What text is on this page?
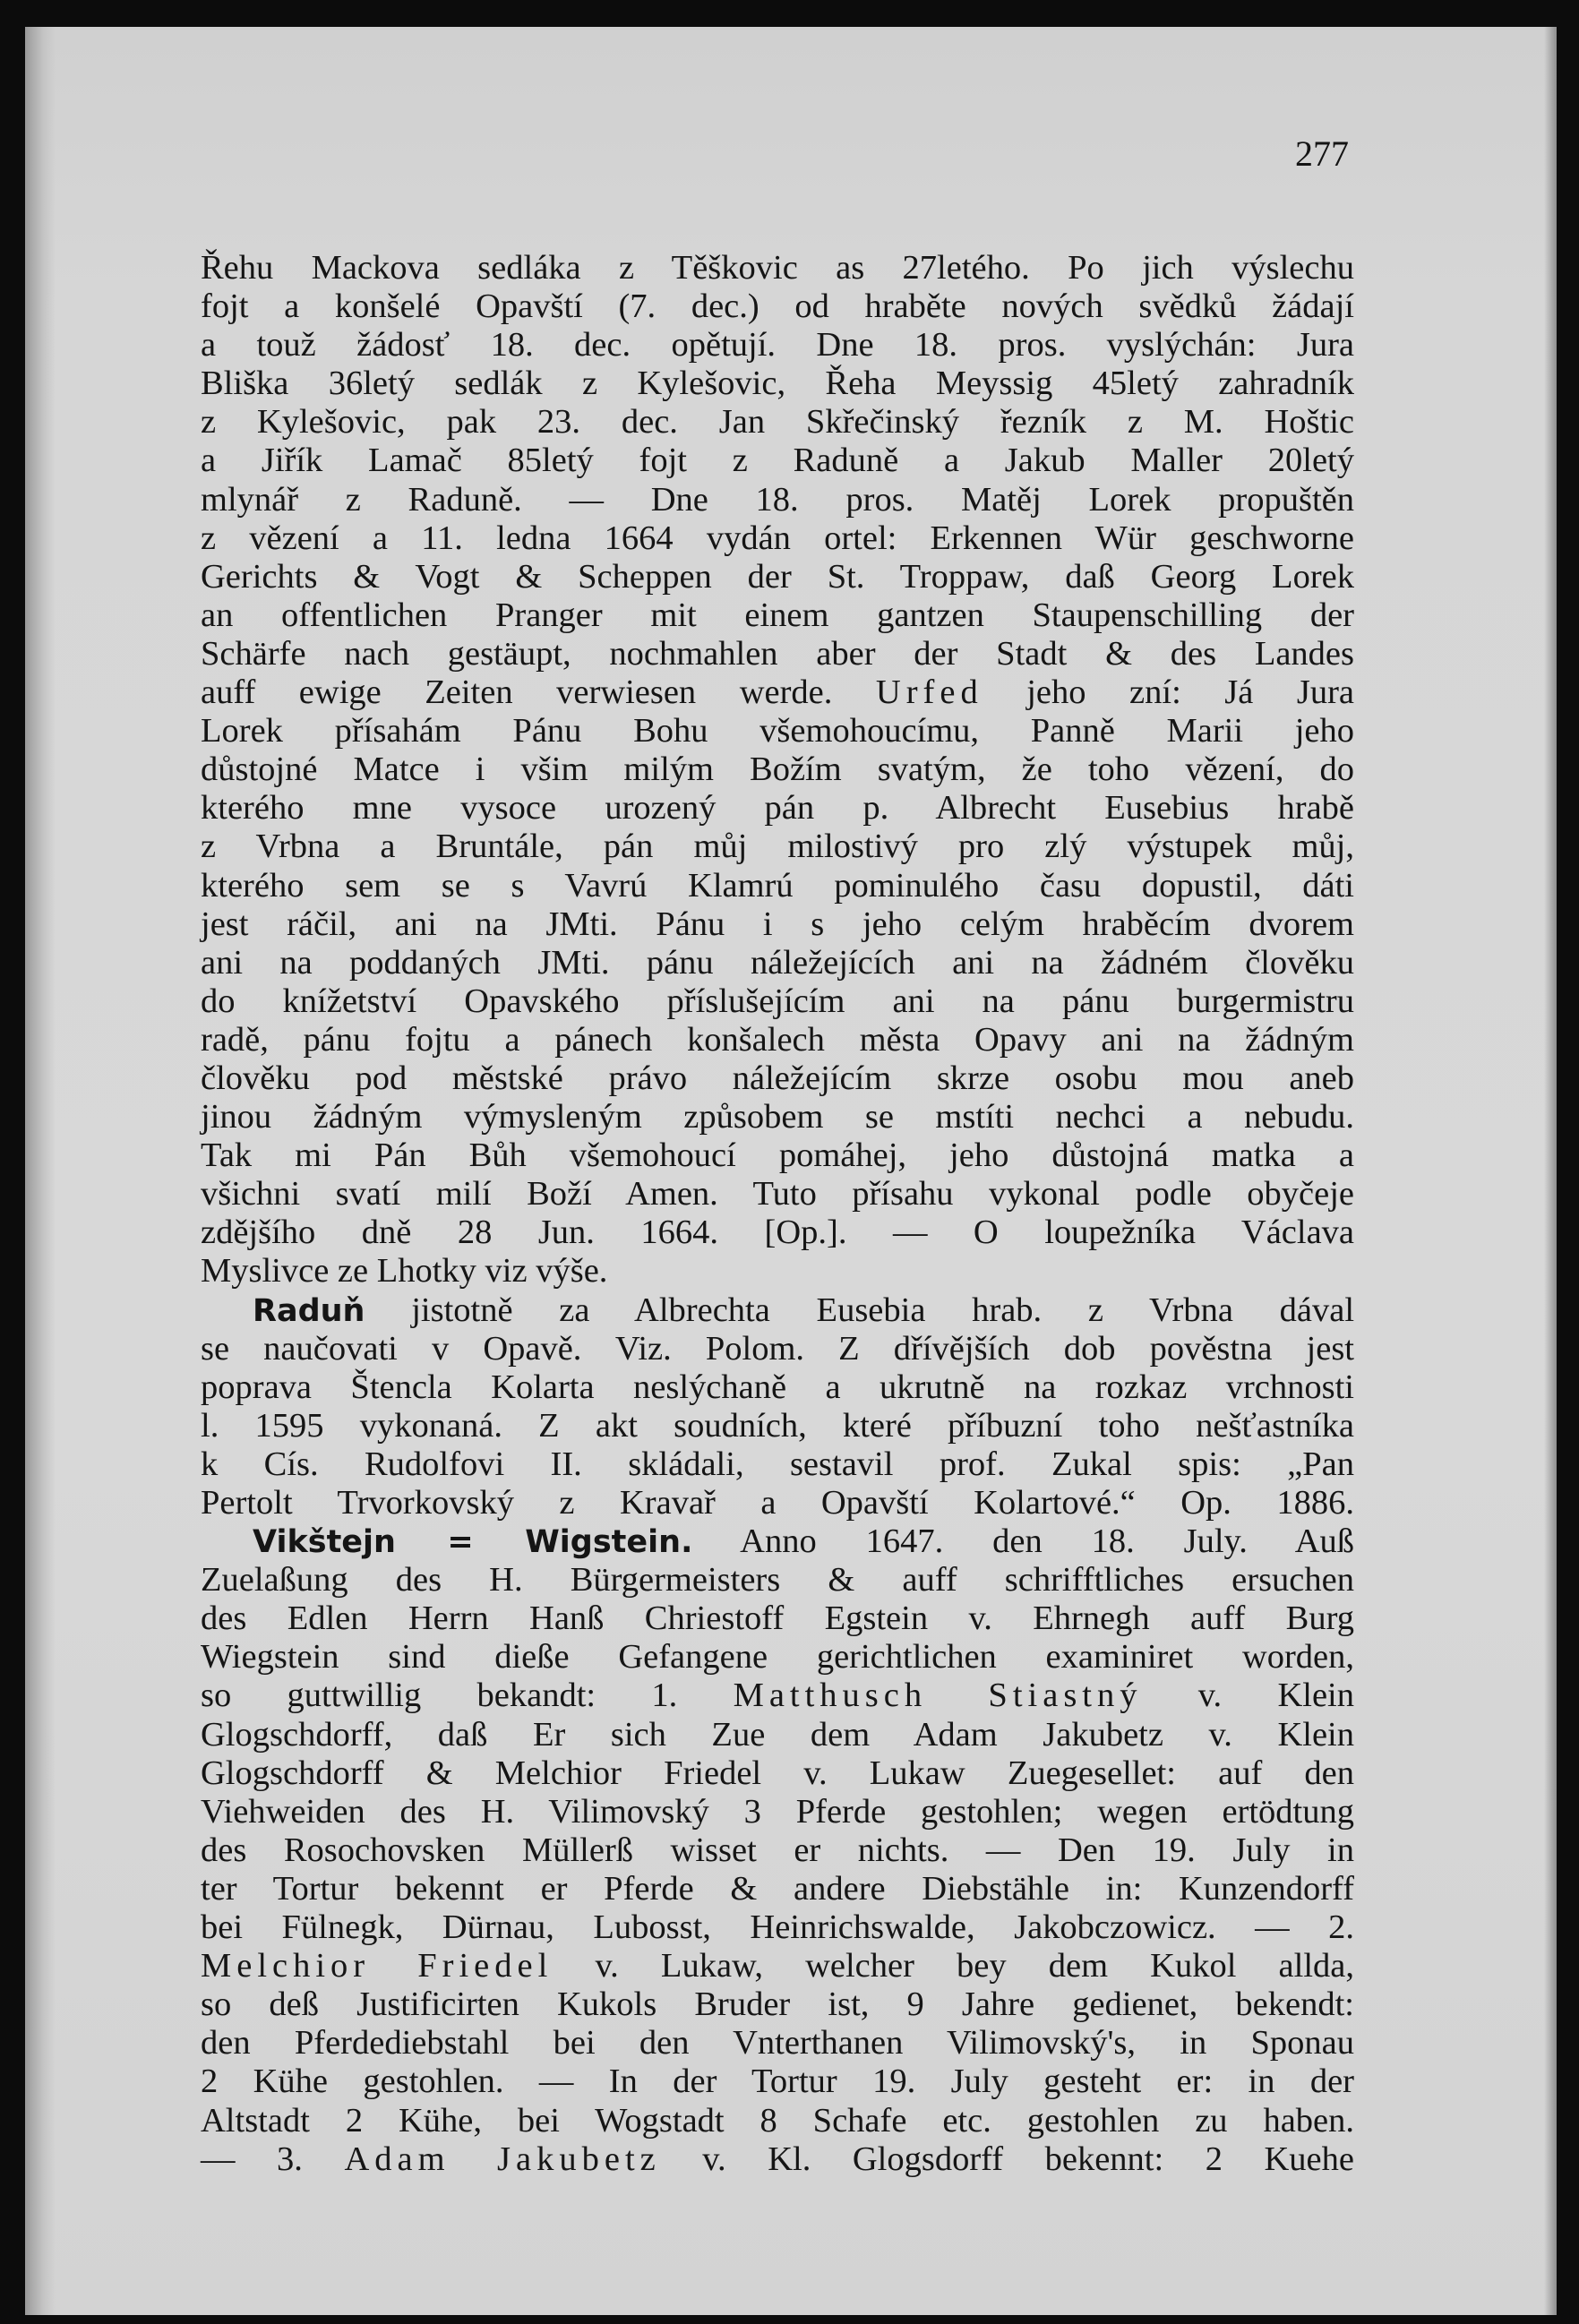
277
Řehu Mackova sedláka z Těškovic as 27letého. Po jich výslechu
fojt a konšelé Opavští (7. dec.) od hraběte nových svědků žádají
a touž žádosť 18. dec. opětují. Dne 18. pros. vyslýchán: Jura
Bliška 36letý sedlák z Kylešovic, Řeha Meyssig 45letý zahradník
z Kylešovic, pak 23. dec. Jan Skřečinský řezník z M. Hoštic
a Jiřík Lamač 85letý fojt z Raduně a Jakub Maller 20letý
mlynář z Raduně. — Dne 18. pros. Matěj Lorek propuštěn
z vězení a 11. ledna 1664 vydán ortel: Erkennen Wür geschworne
Gerichts & Vogt & Scheppen der St. Troppaw, daß Georg Lorek
an offentlichen Pranger mit einem gantzen Staupenschilling der
Schärfe nach gestäupt, nochmahlen aber der Stadt & des Landes
auff ewige Zeiten verwiesen werde. Urfed jeho zní: Já Jura
Lorek přísahám Pánu Bohu všemohoucímu, Panně Marii jeho
důstojné Matce i všim milým Božím svatým, že toho vězení, do
kterého mne vysoce urozený pán p. Albrecht Eusebius hrabě
z Vrbna a Bruntále, pán můj milostivý pro zlý výstupek můj,
kterého sem se s Vavrú Klamrú pominulého času dopustil, dáti
jest ráčil, ani na JMti. Pánu i s jeho celým hraběcím dvorem
ani na poddaných JMti. pánu náležejících ani na žádném člověku
do knížetství Opavského příslušejícím ani na pánu burgermistru
radě, pánu fojtu a pánech konšalech města Opavy ani na žádným
člověku pod městské právo náležejícím skrze osobu mou aneb
jinou žádným výmysleným způsobem se mstíti nechci a nebudu.
Tak mi Pán Bůh všemohoucí pomáhej, jeho důstojná matka a
všichni svatí milí Boží Amen. Tuto přísahu vykonal podle obyčeje
zdějšího dně 28 Jun. 1664. [Op.]. — O loupežníka Václava
Myslivce ze Lhotky viz výše.
Raduň jistotně za Albrechta Eusebia hrab. z Vrbna dával
se naučovati v Opavě. Viz. Polom. Z dřívějších dob pověstna jest
poprava Štencla Kolarta neslýchaně a ukrutně na rozkaz vrchnosti
l. 1595 vykonaná. Z akt soudních, které příbuzní toho nešťastníka
k Cís. Rudolfovi II. skládali, sestavil prof. Zukal spis: „Pan
Pertolt Trvorkovský z Kravař a Opavští Kolartové.“ Op. 1886.
Vikštejn = Wigstein. Anno 1647. den 18. July. Auß
Zuelaßung des H. Bürgermeisters & auff schrifftliches ersuchen
des Edlen Herrn Hanß Chriestoff Egstein v. Ehrnegh auff Burg
Wiegstein sind dieße Gefangene gerichtlichen examiniret worden,
so guttwillig bekandt: 1. Matthusch Stiastný v. Klein
Glogschdorff, daß Er sich Zue dem Adam Jakubetz v. Klein
Glogschdorff & Melchior Friedel v. Lukaw Zuegesellet: auf den
Viehweiden des H. Vilimovský 3 Pferde gestohlen; wegen ertödtung
des Rosochovsken Müllerß wisset er nichts. — Den 19. July in
ter Tortur bekennt er Pferde & andere Diebstähle in: Kunzendorff
bei Fülnegk, Dürnau, Lubosst, Heinrichswalde, Jakobczowicz. — 2.
Melchior Friedel v. Lukaw, welcher bey dem Kukol allda,
so deß Justificirten Kukols Bruder ist, 9 Jahre gedienet, bekendt:
den Pferdediebstahl bei den Vnterthanen Vilimovský's, in Sponau
2 Kühe gestohlen. — In der Tortur 19. July gesteht er: in der
Altstadt 2 Kühe, bei Wogstadt 8 Schafe etc. gestohlen zu haben.
— 3. Adam Jakubetz v. Kl. Glogsdorff bekennt: 2 Kuehe
